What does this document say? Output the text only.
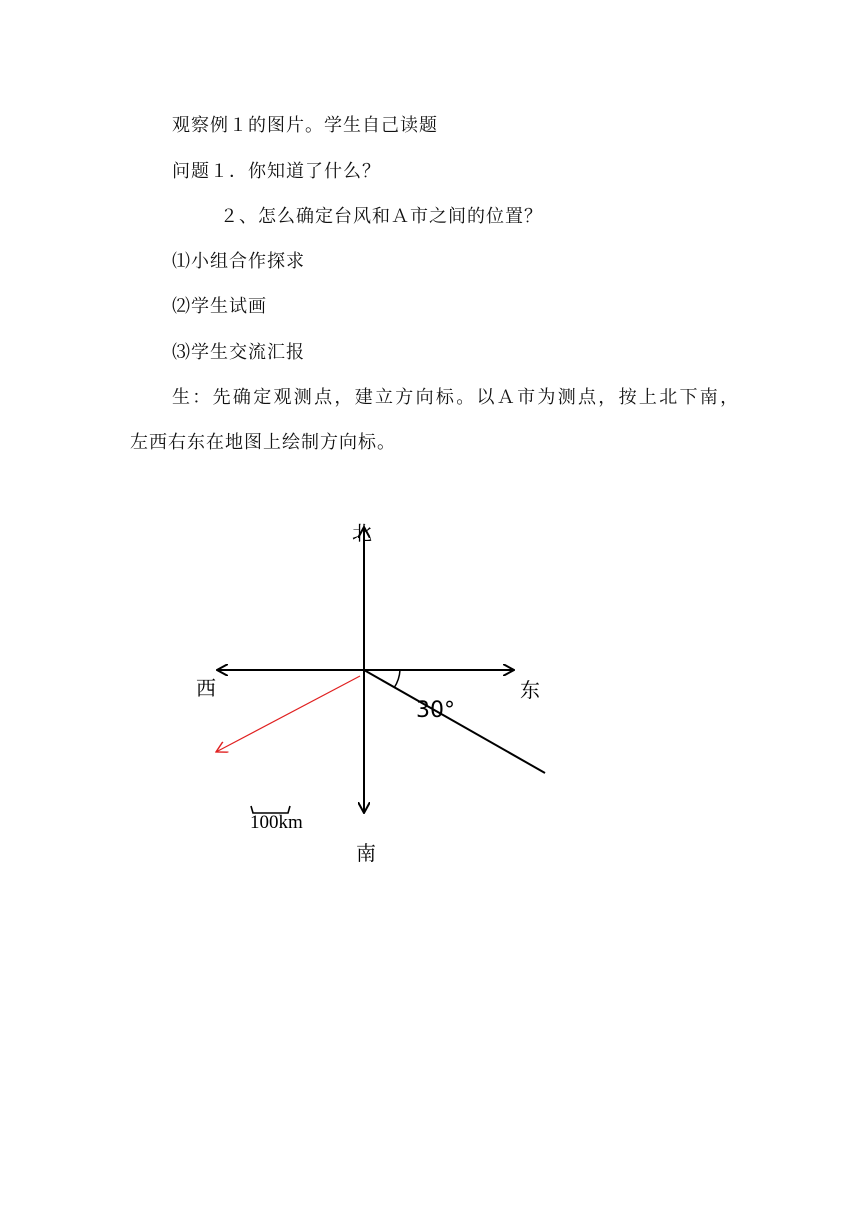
观察例１的图片。学生自己读题
问题１．你知道了什么？
２、怎么确定台风和Ａ市之间的位置？
⑴小组合作探求
⑵学生试画
⑶学生交流汇报
生：先确定观测点，建立方向标。以Ａ市为测点，按上北下南，
左西右东在地图上绘制方向标。
北
南
东
西
30°
100km
